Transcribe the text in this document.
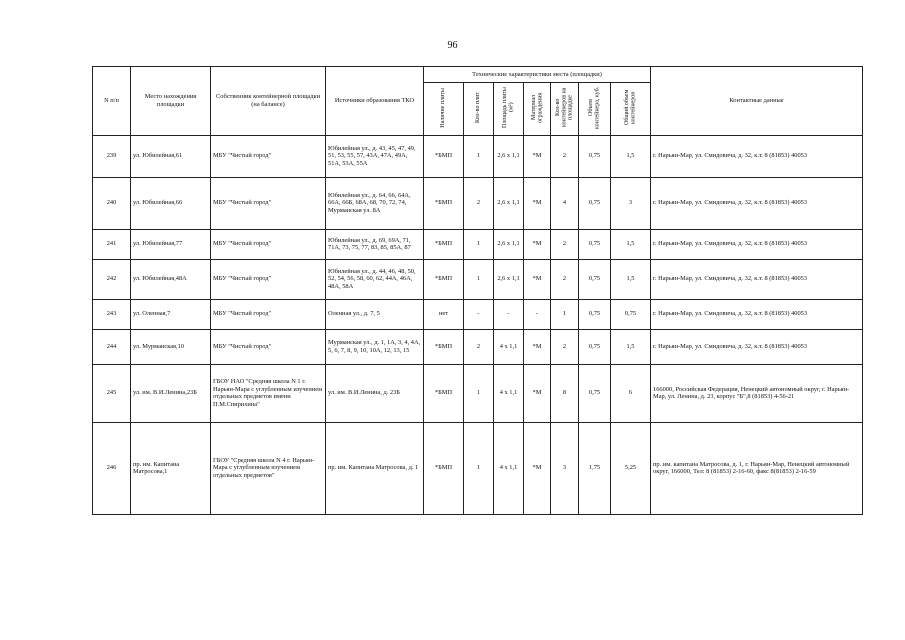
96
N п/п	Место нахождения площадки	Собственник контейнерной площадки (на балансе)	Источники образования ТКО	Технические характеристики места (площадки)							Контактные данные
				Наличие плиты	Кол-во плит	Площадь плиты (м²)	Материал ограждения	Кол-во контейнеров на площадке	Объем контейнера, куб.	Общий объем контейнеров	
239	ул. Юбилейная,61	МБУ "Чистый город"	Юбилейная ул., д. 43, 45, 47, 49, 51, 53, 55, 57, 43А, 47А, 49А, 51А, 53А, 55А	*БМП	1	2,6 х 1,1	*М	2	0,75	1,5	г. Нарьян-Мар, ул. Смидовича, д. 32, к.т. 8 (81853) 40053
240	ул. Юбилейная,66	МБУ "Чистый город"	Юбилейная ул., д. 64, 66, 64А, 66А, 66Б, 68А, 68, 70, 72, 74, Мурманская ул. 8А	*БМП	2	2,6 х 1,1	*М	4	0,75	3	г. Нарьян-Мар, ул. Смидовича, д. 32, к.т. 8 (81853) 40053
241	ул. Юбилейная,77	МБУ "Чистый город"	Юбилейная ул., д. 69, 69А, 71, 71А, 73, 75, 77, 83, 85, 85А, 87	*БМП	1	2,6 х 1,1	*М	2	0,75	1,5	г. Нарьян-Мар, ул. Смидовича, д. 32, к.т. 8 (81853) 40053
242	ул. Юбилейная,48А	МБУ "Чистый город"	Юбилейная ул., д. 44, 46, 48, 50, 52, 54, 56, 58, 60, 62, 44А, 46А, 48А, 58А	*БМП	1	2,6 х 1,1	*М	2	0,75	1,5	г. Нарьян-Мар, ул. Смидовича, д. 32, к.т. 8 (81853) 40053
243	ул. Оленная,7	МБУ "Чистый город"	Оленная ул., д. 7, 5	нет	-	-	-	1	0,75	0,75	г. Нарьян-Мар, ул. Смидовича, д. 32, к.т. 8 (81853) 40053
244	ул. Мурманская,10	МБУ "Чистый город"	Мурманская ул., д. 1, 1А, 3, 4, 4А, 5, 6, 7, 8, 9, 10, 10А, 12, 13, 15	*БМП	2	4 х 1,1	*М	2	0,75	1,5	г. Нарьян-Мар, ул. Смидовича, д. 32, к.т. 8 (81853) 40053
245	ул. им. В.И.Ленина,23Б	ГБОУ НАО "Средняя школа N 1 г. Нарьян-Мара с углубленным изучением отдельных предметов имени П.М.Спирихина"	ул. им. В.И.Ленина, д. 23Б	*БМП	1	4 х 1,1	*М	8	0,75	6	166000, Российская Федерация, Ненецкий автономный округ, г. Нарьян-Мар, ул. Ленина, д. 23, корпус "Б",8 (81853) 4-56-21
246	пр. им. Капитана Матросова,1	ГБОУ "Средняя школа N 4 г. Нарьян-Мара с углубленным изучением отдельных предметов"	пр. им. Капитана Матросова, д. 1	*БМП	1	4 х 1,1	*М	3	1,75	5,25	пр. им. капитана Матросова, д. 1, г. Нарьян-Мар, Ненецкий автономный округ, 166000, Тел: 8 (81853) 2-16-60, факс 8(81853) 2-16-59
